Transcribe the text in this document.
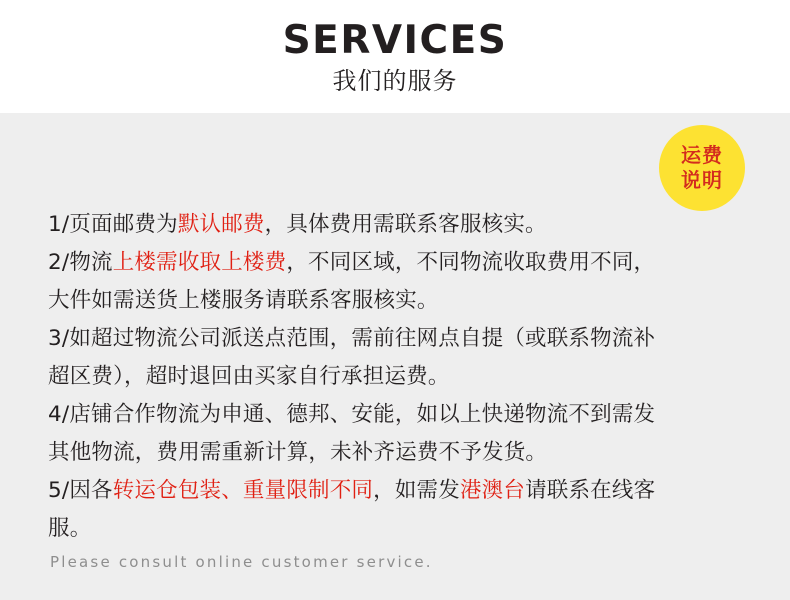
SERVICES
我们的服务
运费
说明
1/页面邮费为默认邮费，具体费用需联系客服核实。
2/物流上楼需收取上楼费，不同区域，不同物流收取费用不同，
大件如需送货上楼服务请联系客服核实。
3/如超过物流公司派送点范围，需前往网点自提（或联系物流补
超区费），超时退回由买家自行承担运费。
4/店铺合作物流为申通、德邦、安能，如以上快递物流不到需发
其他物流，费用需重新计算，未补齐运费不予发货。
5/因各转运仓包装、重量限制不同，如需发港澳台请联系在线客
服。
Please consult online customer service.
